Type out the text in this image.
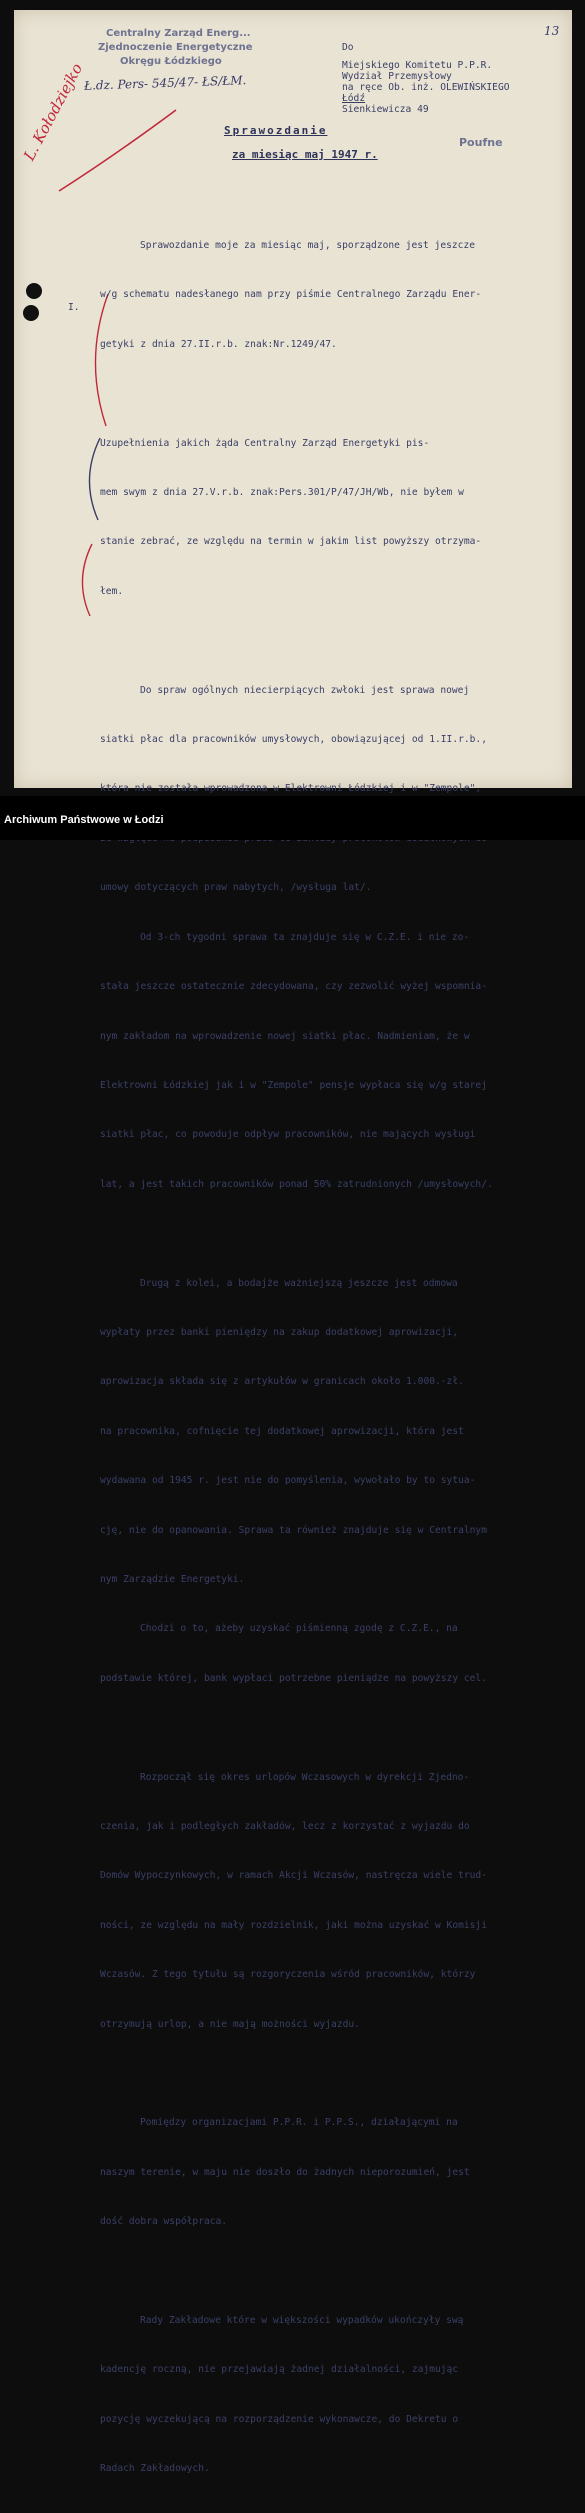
13
Centralny Zarząd Energ...
Zjednoczenie Energetyczne
Okręgu Łódzkiego
Ł.dz. Pers- 545/47- ŁS/ŁM.
Do
Miejskiego Komitetu P.P.R.
Wydział Przemysłowy
na ręce Ob. inż. OLEWIŃSKIEGO
Łódź
Sienkiewicza 49
L. Kołodziejko	Sprawozdanie
Poufne
za miesiąc maj 1947 r.
I.

Sprawozdanie moje za miesiąc maj, sporządzone jest jeszcze

w/g schematu nadesłanego nam przy piśmie Centralnego Zarządu Ener-

getyki z dnia 27.II.r.b. znak:Nr.1249/47.

Uzupełnienia jakich żąda Centralny Zarząd Energetyki pis-

mem swym z dnia 27.V.r.b. znak:Pers.301/P/47/JH/Wb, nie byłem w

stanie zebrać, ze względu na termin w jakim list powyższy otrzyma-

łem.

Do spraw ogólnych niecierpiących zwłoki jest sprawa nowej

siatki płac dla pracowników umysłowych, obowiązującej od 1.II.r.b.,

która nie została wprowadzona w Elektrowni Łódzkiej i w "Zempole",

umowy dotyczących praw nabytych, /wysługa lat/.

Od 3-ch tygodni sprawa ta znajduje się w C.Z.E. i nie zo-

stała jeszcze ostatecznie zdecydowana, czy zezwolić wyżej wspomnia-

nym zakładom na wprowadzenie nowej siatki płac. Nadmieniam, że w

Elektrowni Łódzkiej jak i w "Zempole" pensje wypłaca się w/g starej

siatki płac, co powoduje odpływ pracowników, nie mających wysługi

lat, a jest takich pracowników ponad 50% zatrudnionych /umysłowych/.

Drugą z kolei, a bodajże ważniejszą jeszcze jest odmowa

wypłaty przez banki pieniędzy na zakup dodatkowej aprowizacji,

aprowizacja składa się z artykułów w granicach około 1.000.-zł.

na pracownika, cofnięcie tej dodatkowej aprowizacji, która jest

wydawana od 1945 r. jest nie do pomyślenia, wywołało by to sytua-

cję, nie do opanowania. Sprawa ta również znajduje się w Centralnym

nym Zarządzie Energetyki.

Chodzi o to, ażeby uzyskać piśmienną zgodę z C.Z.E., na

podstawie której, bank wypłaci potrzebne pieniądze na powyższy cel.

Rozpoczął się okres urlopów Wczasowych w dyrekcji Zjedno-

czenia, jak i podległych zakładów, lecz z korzystać z wyjazdu do

Domów Wypoczynkowych, w ramach Akcji Wczasów, nastręcza wiele trud-

ności, ze względu na mały rozdzielnik, jaki można uzyskać w Komisji

Wczasów. Z tego tytułu są rozgoryczenia wśród pracowników, którzy

otrzymują urlop, a nie mają możności wyjazdu.

Pomiędzy organizacjami P.P.R. i P.P.S., działającymi na

naszym terenie, w maju nie doszło do żadnych nieporozumień, jest

dość dobra współpraca.

Rady Zakładowe które w większości wypadków ukończyły swą

kadencję roczną, nie przejawiają żadnej działalności, zajmując

pozycję wyczekującą na rozporządzenie wykonawcze, do Dekretu o

Radach Zakładowych.

Archiwum Państwowe w Łodzi
